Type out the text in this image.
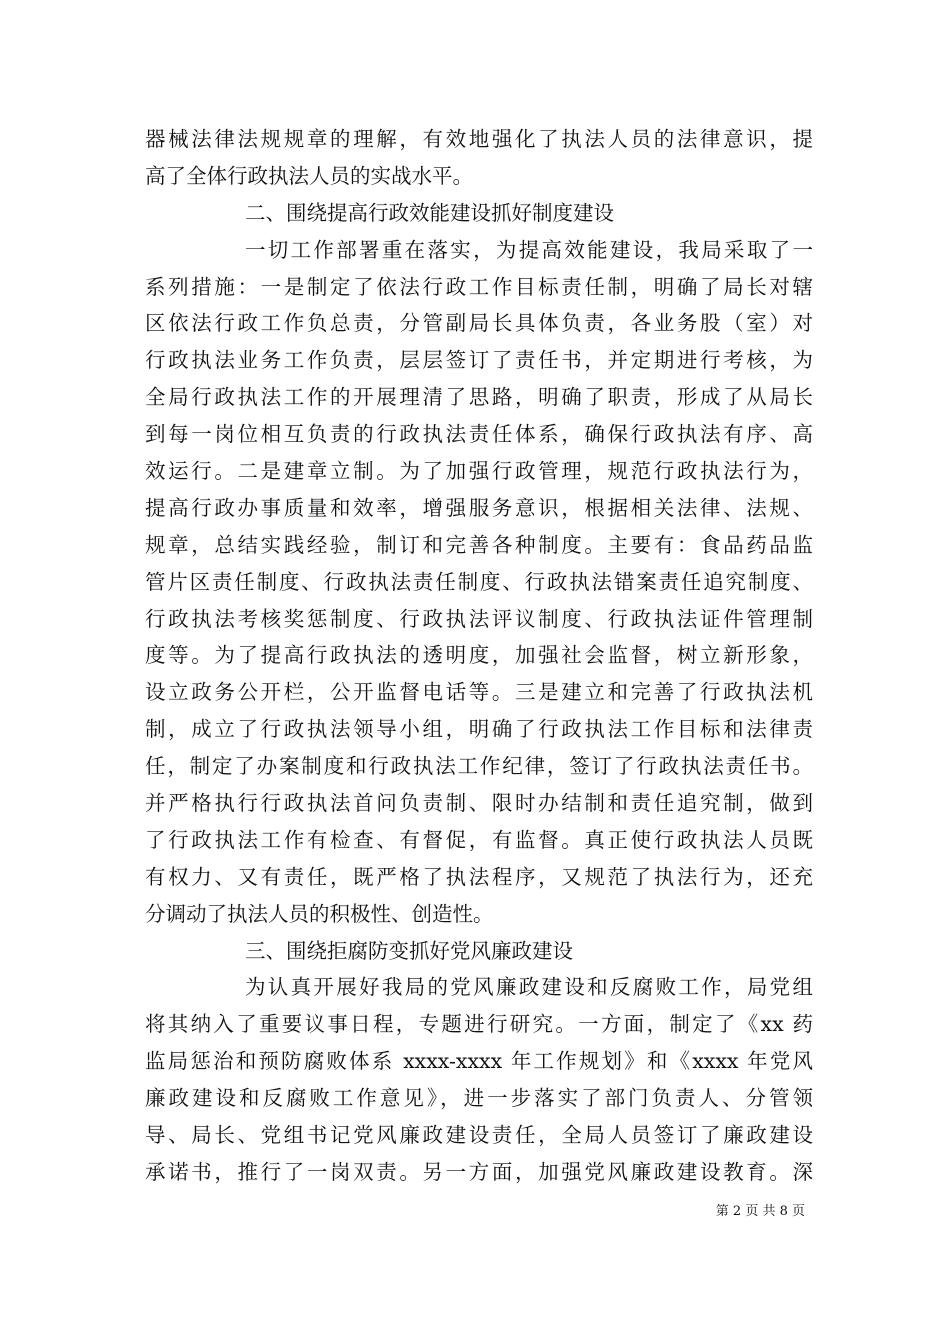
器械法律法规规章的理解，有效地强化了执法人员的法律意识，提
高了全体行政执法人员的实战水平。
二、围绕提高行政效能建设抓好制度建设
一切工作部署重在落实，为提高效能建设，我局采取了一
系列措施：一是制定了依法行政工作目标责任制，明确了局长对辖
区依法行政工作负总责，分管副局长具体负责，各业务股（室）对
行政执法业务工作负责，层层签订了责任书，并定期进行考核，为
全局行政执法工作的开展理清了思路，明确了职责，形成了从局长
到每一岗位相互负责的行政执法责任体系，确保行政执法有序、高
效运行。二是建章立制。为了加强行政管理，规范行政执法行为，
提高行政办事质量和效率，增强服务意识，根据相关法律、法规、
规章，总结实践经验，制订和完善各种制度。主要有：食品药品监
管片区责任制度、行政执法责任制度、行政执法错案责任追究制度、
行政执法考核奖惩制度、行政执法评议制度、行政执法证件管理制
度等。为了提高行政执法的透明度，加强社会监督，树立新形象，
设立政务公开栏，公开监督电话等。三是建立和完善了行政执法机
制，成立了行政执法领导小组，明确了行政执法工作目标和法律责
任，制定了办案制度和行政执法工作纪律，签订了行政执法责任书。
并严格执行行政执法首问负责制、限时办结制和责任追究制，做到
了行政执法工作有检查、有督促，有监督。真正使行政执法人员既
有权力、又有责任，既严格了执法程序，又规范了执法行为，还充
分调动了执法人员的积极性、创造性。
三、围绕拒腐防变抓好党风廉政建设
为认真开展好我局的党风廉政建设和反腐败工作，局党组
将其纳入了重要议事日程，专题进行研究。一方面，制定了《xx 药
监局惩治和预防腐败体系 xxxx-xxxx 年工作规划》和《xxxx 年党风
廉政建设和反腐败工作意见》，进一步落实了部门负责人、分管领
导、局长、党组书记党风廉政建设责任，全局人员签订了廉政建设
承诺书，推行了一岗双责。另一方面，加强党风廉政建设教育。深
第 2 页 共 8 页
